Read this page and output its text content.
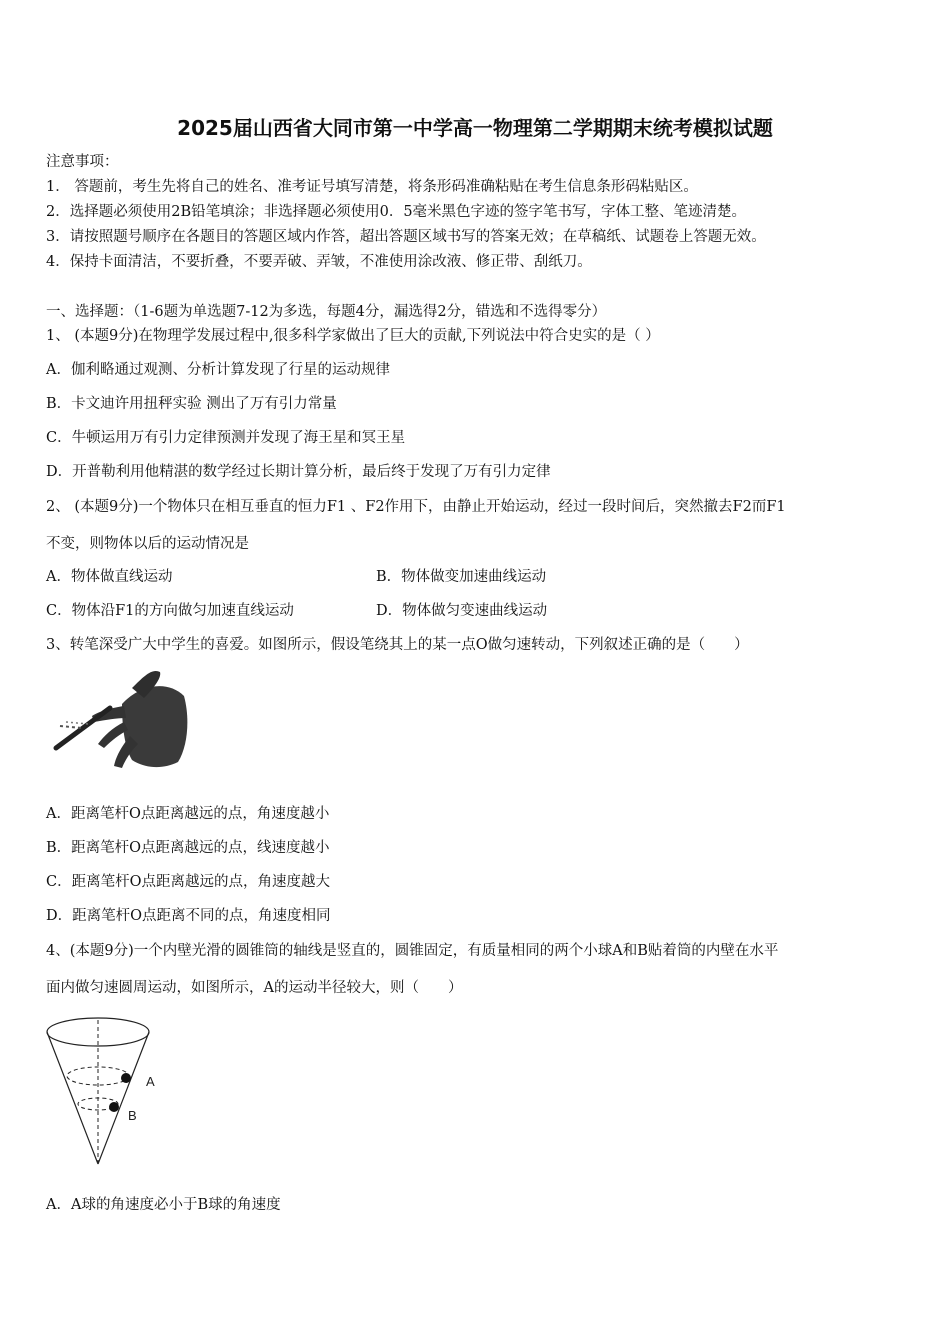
2025届山西省大同市第一中学高一物理第二学期期末统考模拟试题
注意事项：
1． 答题前，考生先将自己的姓名、准考证号填写清楚，将条形码准确粘贴在考生信息条形码粘贴区。
2．选择题必须使用2B铅笔填涂；非选择题必须使用0．5毫米黑色字迹的签字笔书写，字体工整、笔迹清楚。
3．请按照题号顺序在各题目的答题区域内作答，超出答题区域书写的答案无效；在草稿纸、试题卷上答题无效。
4．保持卡面清洁，不要折叠，不要弄破、弄皱，不准使用涂改液、修正带、刮纸刀。
一、选择题：（1-6题为单选题7-12为多选，每题4分，漏选得2分，错选和不选得零分）
1、 (本题9分)在物理学发展过程中,很多科学家做出了巨大的贡献,下列说法中符合史实的是（ ）
A．伽利略通过观测、分析计算发现了行星的运动规律
B．卡文迪许用扭秤实验 测出了万有引力常量
C．牛顿运用万有引力定律预测并发现了海王星和冥王星
D．开普勒利用他精湛的数学经过长期计算分析，最后终于发现了万有引力定律
2、 (本题9分)一个物体只在相互垂直的恒力F1 、F2作用下，由静止开始运动，经过一段时间后，突然撤去F2而F1
不变，则物体以后的运动情况是
A．物体做直线运动	B．物体做变加速曲线运动
C．物体沿F1的方向做匀加速直线运动	D．物体做匀变速曲线运动
3、转笔深受广大中学生的喜爱。如图所示，假设笔绕其上的某一点O做匀速转动，下列叙述正确的是（　　）
A．距离笔杆O点距离越远的点，角速度越小
B．距离笔杆O点距离越远的点，线速度越小
C．距离笔杆O点距离越远的点，角速度越大
D．距离笔杆O点距离不同的点，角速度相同
4、(本题9分)一个内壁光滑的圆锥筒的轴线是竖直的，圆锥固定，有质量相同的两个小球A和B贴着筒的内壁在水平
面内做匀速圆周运动，如图所示，A的运动半径较大，则（　　）
A
B
A．A球的角速度必小于B球的角速度
